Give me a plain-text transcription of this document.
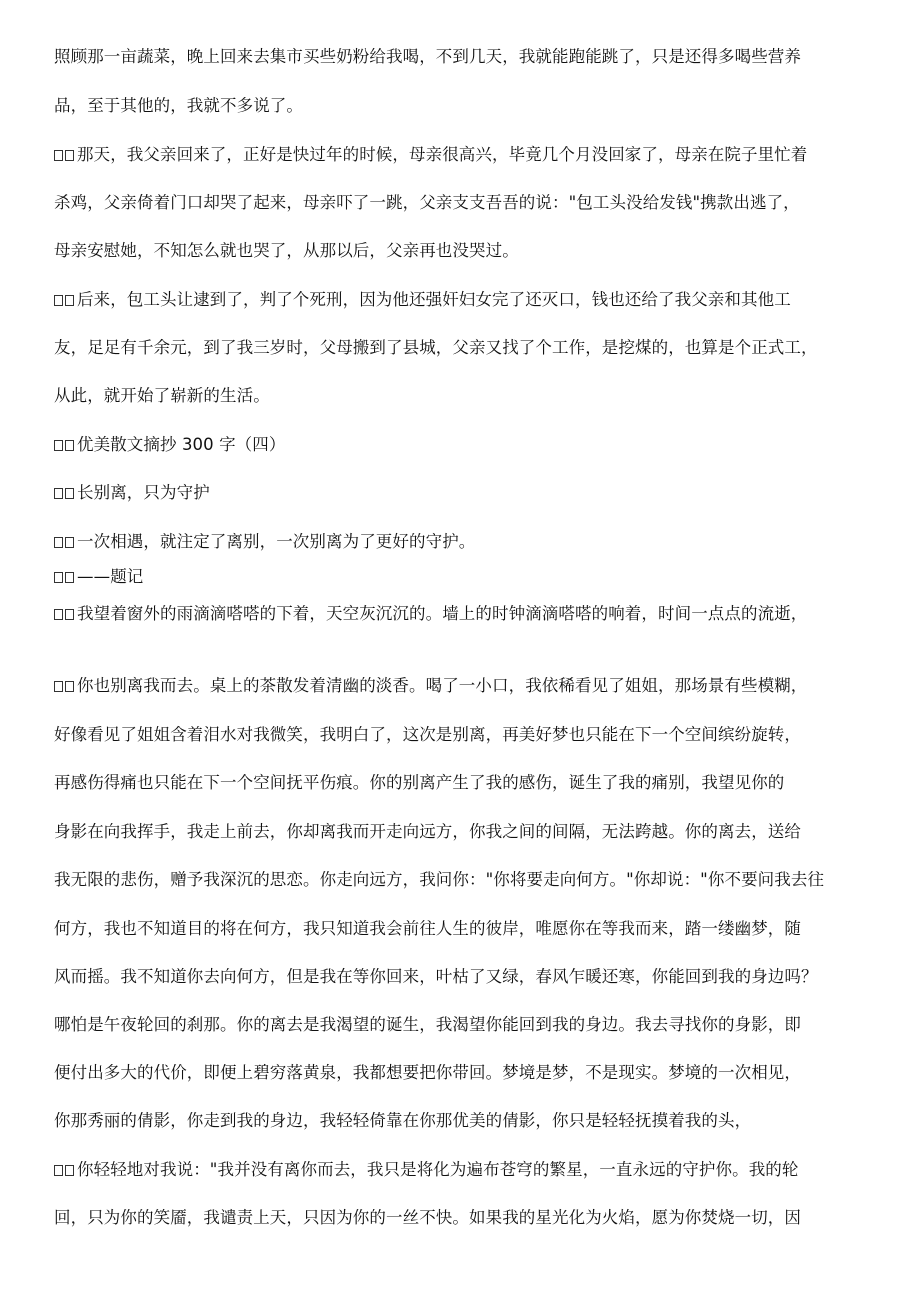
照顾那一亩蔬菜，晚上回来去集市买些奶粉给我喝，不到几天，我就能跑能跳了，只是还得多喝些营养
品，至于其他的，我就不多说了。
那天，我父亲回来了，正好是快过年的时候，母亲很高兴，毕竟几个月没回家了，母亲在院子里忙着
杀鸡，父亲倚着门口却哭了起来，母亲吓了一跳，父亲支支吾吾的说："包工头没给发钱"携款出逃了，
母亲安慰她，不知怎么就也哭了，从那以后，父亲再也没哭过。
后来，包工头让逮到了，判了个死刑，因为他还强奸妇女完了还灭口，钱也还给了我父亲和其他工
友，足足有千余元，到了我三岁时，父母搬到了县城，父亲又找了个工作，是挖煤的，也算是个正式工，
从此，就开始了崭新的生活。
优美散文摘抄 300 字（四）
长别离，只为守护
一次相遇，就注定了离别，一次别离为了更好的守护。
——题记
我望着窗外的雨滴滴嗒嗒的下着，天空灰沉沉的。墙上的时钟滴滴嗒嗒的响着，时间一点点的流逝，
你也别离我而去。桌上的茶散发着清幽的淡香。喝了一小口，我依稀看见了姐姐，那场景有些模糊，
好像看见了姐姐含着泪水对我微笑，我明白了，这次是别离，再美好梦也只能在下一个空间缤纷旋转，
再感伤得痛也只能在下一个空间抚平伤痕。你的别离产生了我的感伤，诞生了我的痛别，我望见你的
身影在向我挥手，我走上前去，你却离我而开走向远方，你我之间的间隔，无法跨越。你的离去，送给
我无限的悲伤，赠予我深沉的思恋。你走向远方，我问你："你将要走向何方。"你却说："你不要问我去往
何方，我也不知道目的将在何方，我只知道我会前往人生的彼岸，唯愿你在等我而来，踏一缕幽梦，随
风而摇。我不知道你去向何方，但是我在等你回来，叶枯了又绿，春风乍暖还寒，你能回到我的身边吗？
哪怕是午夜轮回的刹那。你的离去是我渴望的诞生，我渴望你能回到我的身边。我去寻找你的身影，即
便付出多大的代价，即便上碧穷落黄泉，我都想要把你带回。梦境是梦，不是现实。梦境的一次相见，
你那秀丽的倩影，你走到我的身边，我轻轻倚靠在你那优美的倩影，你只是轻轻抚摸着我的头，
你轻轻地对我说："我并没有离你而去，我只是将化为遍布苍穹的繁星，一直永远的守护你。我的轮
回，只为你的笑靥，我谴责上天，只因为你的一丝不快。如果我的星光化为火焰，愿为你焚烧一切，因
